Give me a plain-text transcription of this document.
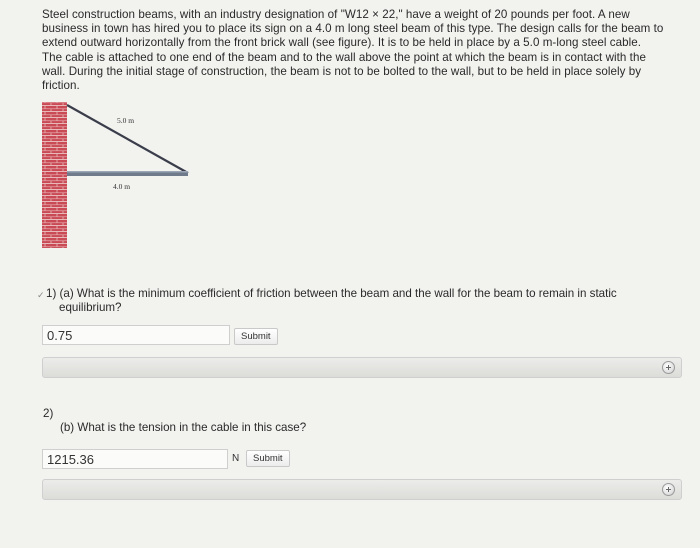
Steel construction beams, with an industry designation of "W12 × 22," have a weight of 20 pounds per foot. A new
business in town has hired you to place its sign on a 4.0 m long steel beam of this type. The design calls for the beam to
extend outward horizontally from the front brick wall (see figure). It is to be held in place by a 5.0 m-long steel cable.
The cable is attached to one end of the beam and to the wall above the point at which the beam is in contact with the
wall. During the initial stage of construction, the beam is not to be bolted to the wall, but to be held in place solely by
friction.
5.0 m
4.0 m
✓ 1) (a) What is the minimum coefficient of friction between the beam and the wall for the beam to remain in static
equilibrium?
0.75
Submit
2)
(b) What is the tension in the cable in this case?
1215.36
N	Submit
